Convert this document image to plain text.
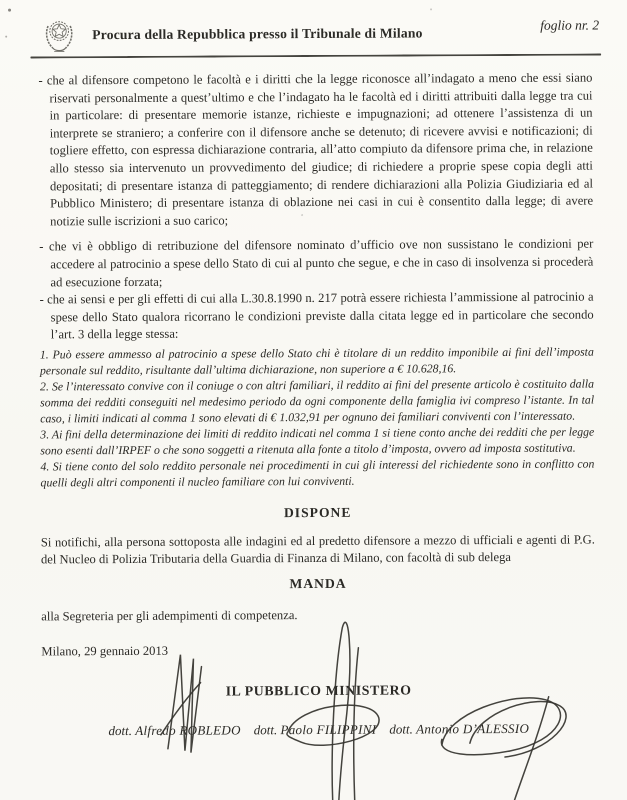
Procura della Repubblica presso il Tribunale di Milano
foglio nr. 2

- che al difensore competono le facoltà e i diritti che la legge riconosce all’indagato a meno che essi siano riservati personalmente a quest’ultimo e che l’indagato ha le facoltà ed i diritti attribuiti dalla legge tra cui in particolare: di presentare memorie istanze, richieste e impugnazioni; ad ottenere l’assistenza di un interprete se straniero; a conferire con il difensore anche se detenuto; di ricevere avvisi e notificazioni; di togliere effetto, con espressa dichiarazione contraria, all’atto compiuto da difensore prima che, in relazione allo stesso sia intervenuto un provvedimento del giudice; di richiedere a proprie spese copia degli atti depositati; di presentare istanza di patteggiamento; di rendere dichiarazioni alla Polizia Giudiziaria ed al Pubblico Ministero; di presentare istanza di oblazione nei casi in cui è consentito dalla legge; di avere notizie sulle iscrizioni a suo carico;

- che vi è obbligo di retribuzione del difensore nominato d’ufficio ove non sussistano le condizioni per accedere al patrocinio a spese dello Stato di cui al punto che segue, e che in caso di insolvenza si procederà ad esecuzione forzata;

- che ai sensi e per gli effetti di cui alla L.30.8.1990 n. 217 potrà essere richiesta l’ammissione al patrocinio a spese dello Stato qualora ricorrano le condizioni previste dalla citata legge ed in particolare che secondo l’art. 3 della legge stessa:

1. Può essere ammesso al patrocinio a spese dello Stato chi è titolare di un reddito imponibile ai fini dell’imposta personale sul reddito, risultante dall’ultima dichiarazione, non superiore a € 10.628,16.

2. Se l’interessato convive con il coniuge o con altri familiari, il reddito ai fini del presente articolo è costituito dalla somma dei redditi conseguiti nel medesimo periodo da ogni componente della famiglia ivi compreso l’istante. In tal caso, i limiti indicati al comma 1 sono elevati di € 1.032,91 per ognuno dei familiari conviventi con l’interessato.

3. Ai fini della determinazione dei limiti di reddito indicati nel comma 1 si tiene conto anche dei redditi che per legge sono esenti dall’IRPEF o che sono soggetti a ritenuta alla fonte a titolo d’imposta, ovvero ad imposta sostitutiva.

4. Si tiene conto del solo reddito personale nei procedimenti in cui gli interessi del richiedente sono in conflitto con quelli degli altri componenti il nucleo familiare con lui conviventi.

DISPONE

Si notifichi, alla persona sottoposta alle indagini ed al predetto difensore a mezzo di ufficiali e agenti di P.G. del Nucleo di Polizia Tributaria della Guardia di Finanza di Milano, con facoltà di sub delega

MANDA

alla Segreteria per gli adempimenti di competenza.

Milano, 29 gennaio 2013

IL PUBBLICO MINISTERO
dott. Alfredo ROBLEDO dott. Paolo FILIPPINI dott. Antonio D’ALESSIO
